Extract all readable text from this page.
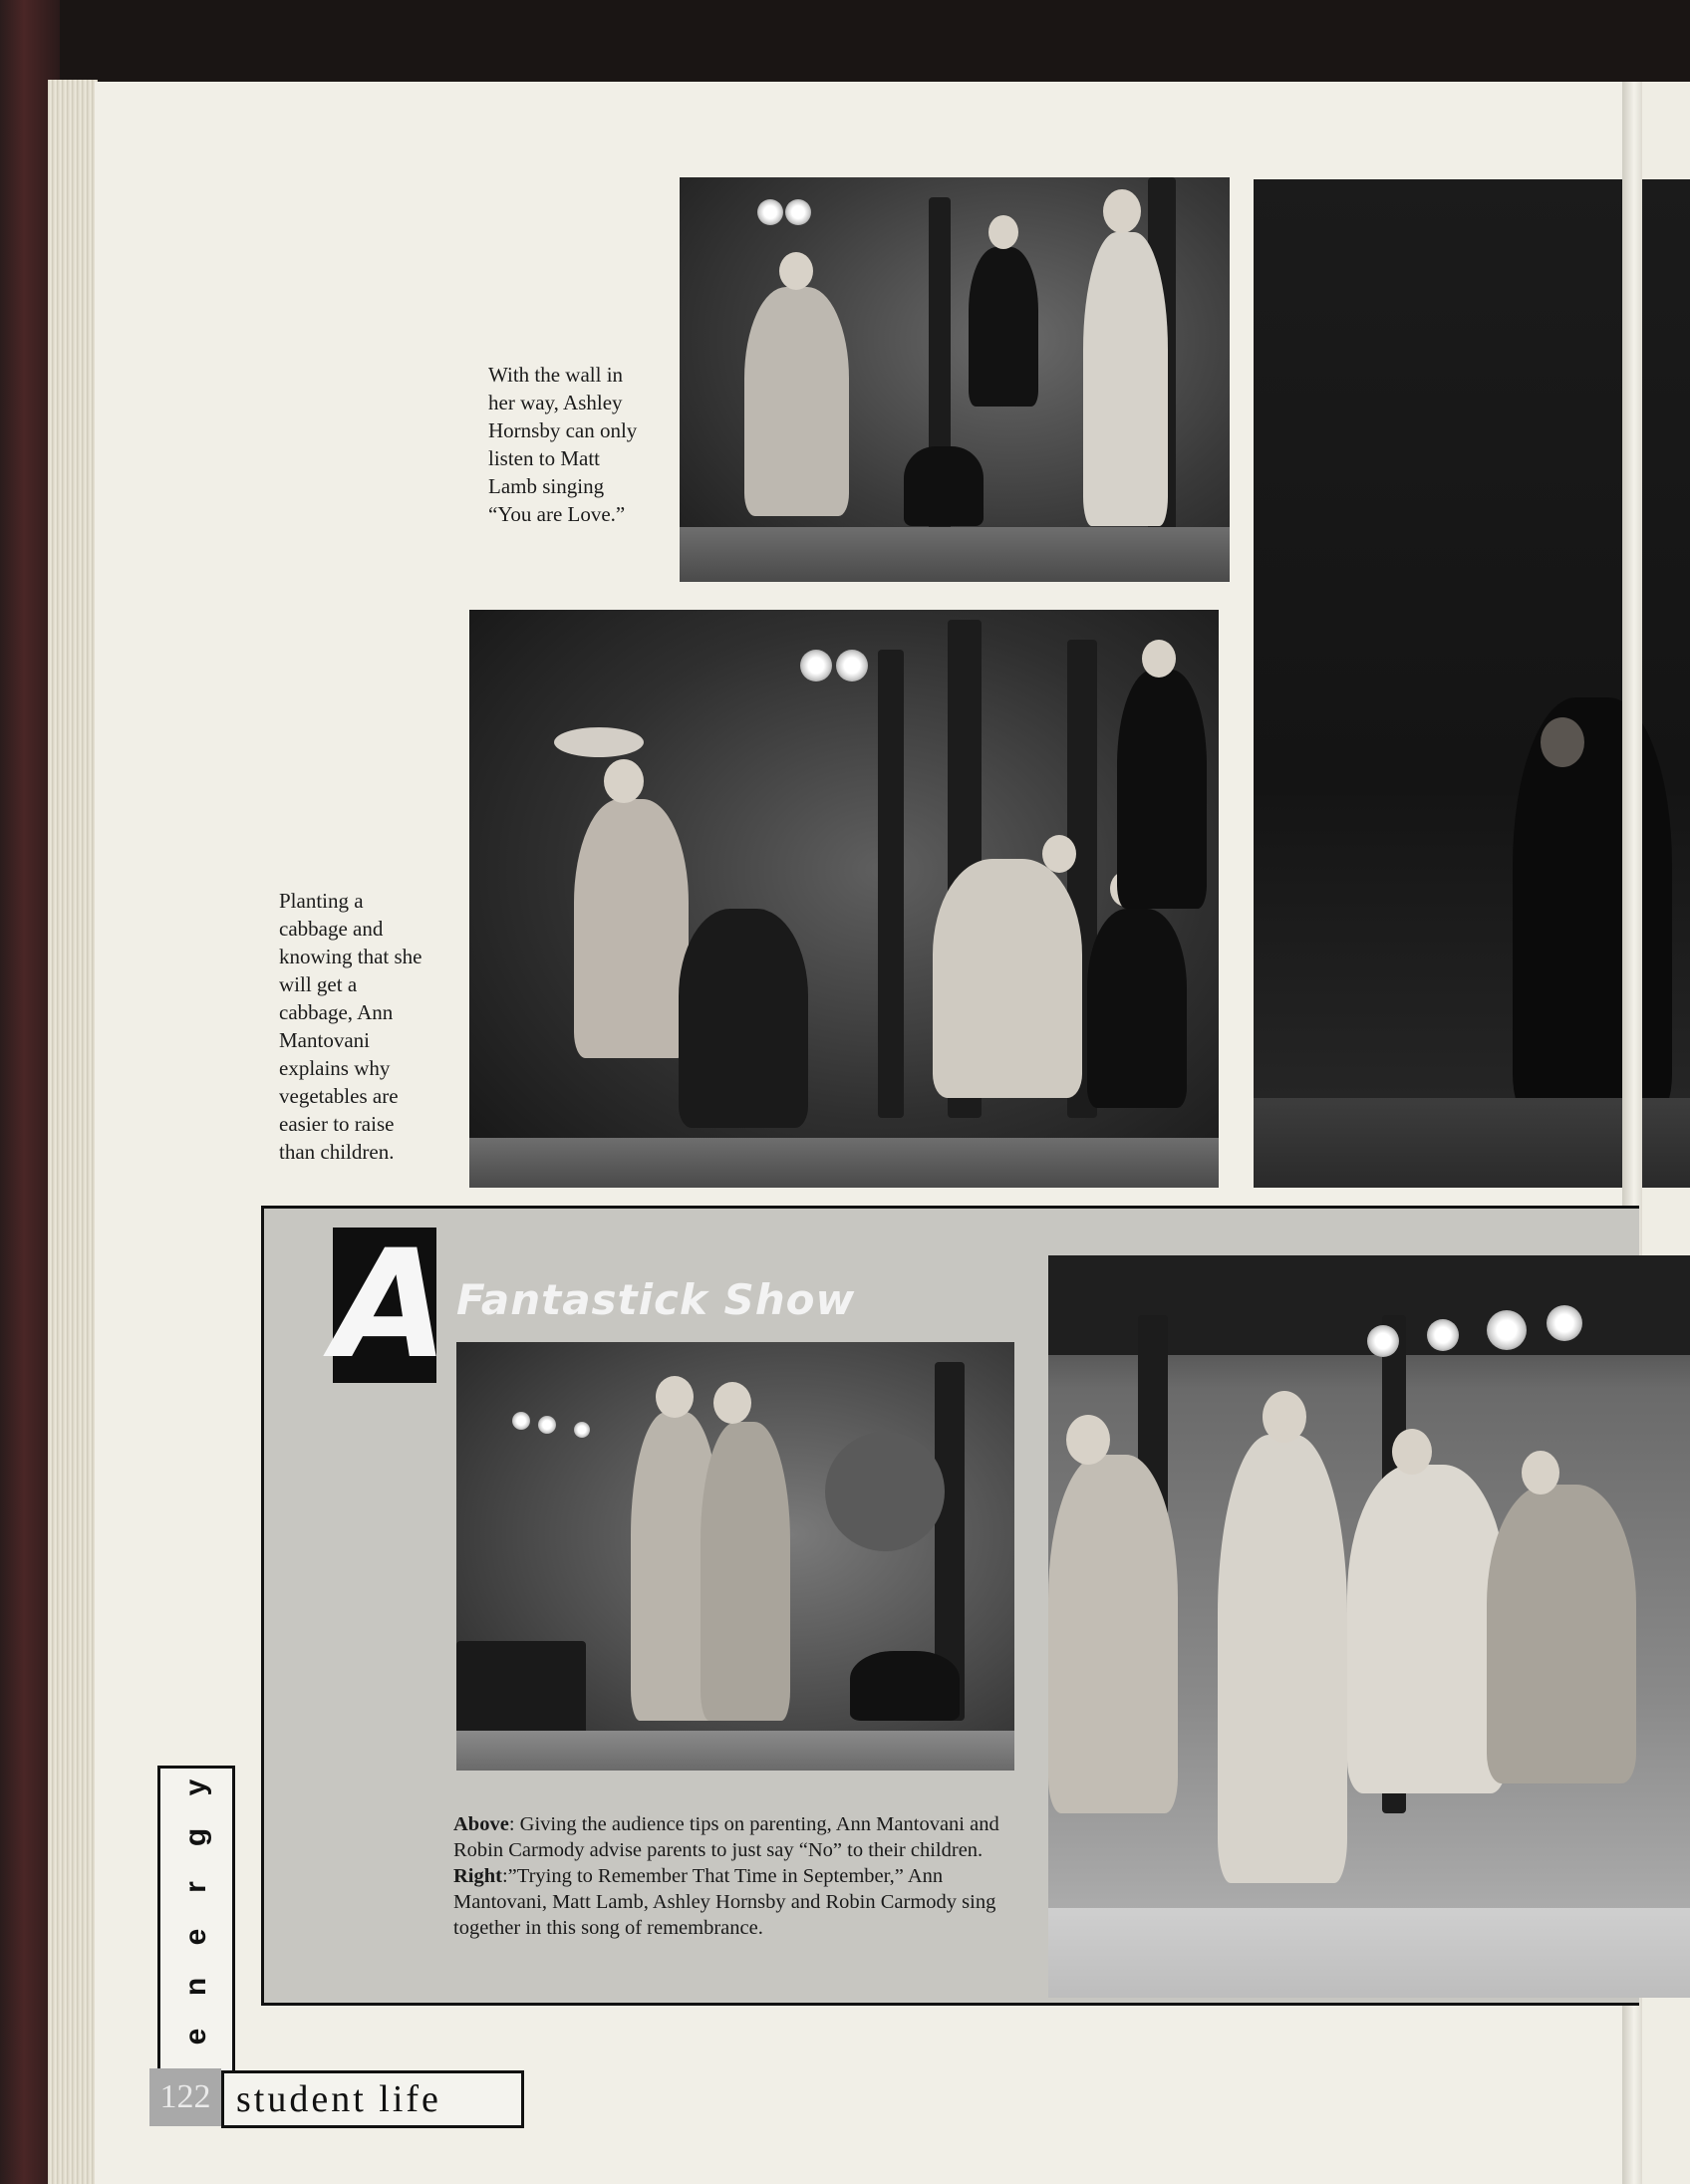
With the wall in her way, Ashley Hornsby can only listen to Matt Lamb singing “You are Love.”

Planting a cabbage and knowing that she will get a cabbage, Ann Mantovani explains why vegetables are easier to raise than children.

A Fantastick Show

Above: Giving the audience tips on parenting, Ann Mantovani and Robin Carmody advise parents to just say “No” to their children.

Right:”Trying to Remember That Time in September,” Ann Mantovani, Matt Lamb, Ashley Hornsby and Robin Carmody sing together in this song of remembrance.

y
g
r
e
n
e
122 student life
